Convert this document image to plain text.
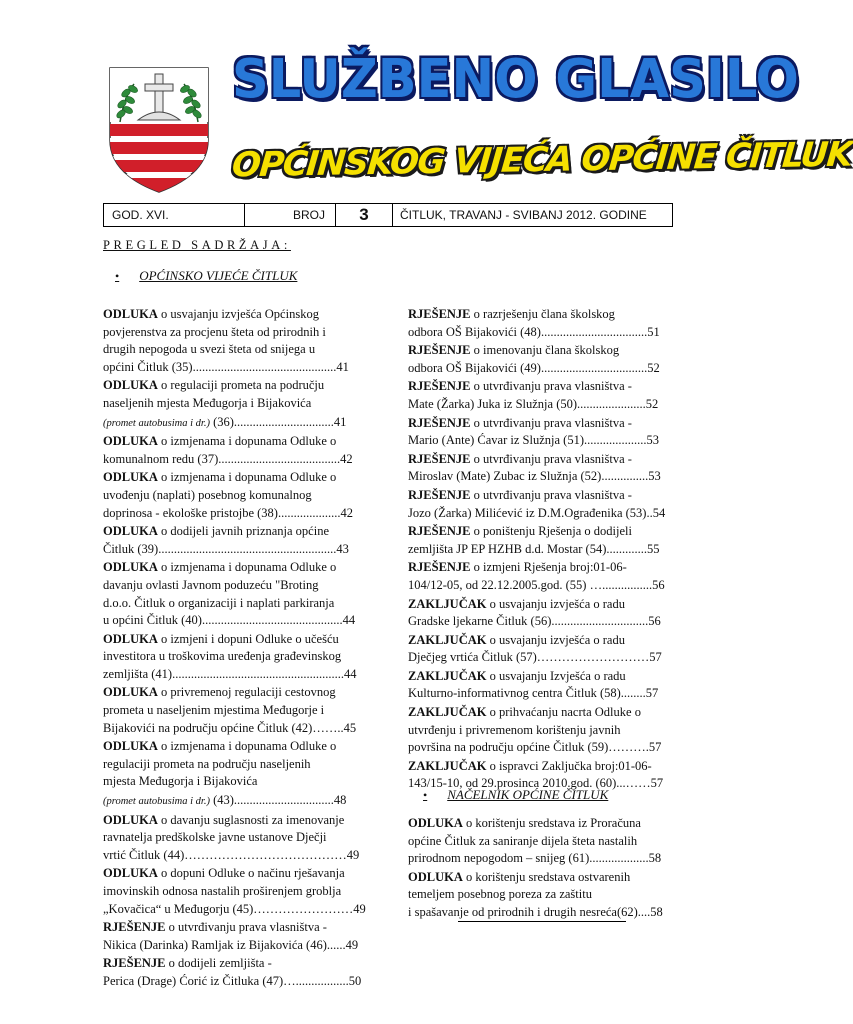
SLUŽBENO GLASILO
OPĆINSKOG VIJEĆA OPĆINE ČITLUK
GOD. XVI.	BROJ	3	ČITLUK, TRAVANJ - SVIBANJ 2012. GODINE
PREGLED SADRŽAJA:
• OPĆINSKO VIJEĆE ČITLUK

ODLUKA o usvajanju izvješća Općinskog
povjerenstva za procjenu šteta od prirodnih i
drugih nepogoda u svezi šteta od snijega u
općini Čitluk (35)..............................................41

ODLUKA o regulaciji prometa na području
naseljenih mjesta Međugorja i Bijakovića

(promet autobusima i dr.) (36)................................41

ODLUKA o izmjenama i dopunama Odluke o
komunalnom redu (37).......................................42

ODLUKA o izmjenama i dopunama Odluke o
uvođenju (naplati) posebnog komunalnog
doprinosa - ekološke pristojbe (38)....................42

ODLUKA o dodijeli javnih priznanja općine
Čitluk (39).........................................................43

ODLUKA o izmjenama i dopunama Odluke o
davanju ovlasti Javnom poduzeću "Broting
d.o.o. Čitluk o organizaciji i naplati parkiranja
u općini Čitluk (40).............................................44

ODLUKA o izmjeni i dopuni Odluke o učešću
investitora u troškovima uređenja građevinskog
zemljišta (41).......................................................44

ODLUKA o privremenoj regulaciji cestovnog
prometa u naseljenim mjestima Međugorje i
Bijakovići na području općine Čitluk (42)……..45

ODLUKA o izmjenama i dopunama Odluke o
regulaciji prometa na području naseljenih
mjesta Međugorja i Bijakovića

(promet autobusima i dr.) (43)................................48

ODLUKA o davanju suglasnosti za imenovanje
ravnatelja predškolske javne ustanove Dječji
vrtić Čitluk (44)…………………………………49

ODLUKA o dopuni Odluke o načinu rješavanja
imovinskih odnosa nastalih proširenjem groblja
„Kovačica“ u Međugorju (45)……………………49

RJEŠENJE o utvrđivanju prava vlasništva -
Nikica (Darinka) Ramljak iz Bijakovića (46)......49

RJEŠENJE o dodijeli zemljišta -
Perica (Drage) Ćorić iz Čitluka (47)….................50

RJEŠENJE o razrješenju člana školskog
odbora OŠ Bijakovići (48)..................................51

RJEŠENJE o imenovanju člana školskog
odbora OŠ Bijakovići (49)..................................52

RJEŠENJE o utvrđivanju prava vlasništva -
Mate (Žarka) Juka iz Služnja (50)......................52

RJEŠENJE o utvrđivanju prava vlasništva -
Mario (Ante) Ćavar iz Služnja (51)....................53

RJEŠENJE o utvrđivanju prava vlasništva -
Miroslav (Mate) Zubac iz Služnja (52)...............53

RJEŠENJE o utvrđivanju prava vlasništva -
Jozo (Žarka) Milićević iz D.M.Ograđenika (53)..54

RJEŠENJE o poništenju Rješenja o dodijeli
zemljišta JP EP HZHB d.d. Mostar (54).............55

RJEŠENJE o izmjeni Rješenja broj:01-06-
104/12-05, od 22.12.2005.god. (55) …................56

ZAKLJUČAK o usvajanju izvješća o radu
Gradske ljekarne Čitluk (56)...............................56

ZAKLJUČAK o usvajanju izvješća o radu
Dječjeg vrtića Čitluk (57)………………………57

ZAKLJUČAK o usvajanju Izvješća o radu
Kulturno-informativnog centra Čitluk (58)........57

ZAKLJUČAK o prihvaćanju nacrta Odluke o
utvrđenju i privremenom korištenju javnih
površina na području općine Čitluk (59)……….57

ZAKLJUČAK o ispravci Zaključka broj:01-06-
143/15-10, od 29.prosinca 2010.god. (60)...……57

• NAČELNIK OPĆINE ČITLUK

ODLUKA o korištenju sredstava iz Proračuna
općine Čitluk za saniranje dijela šteta nastalih
prirodnom nepogodom – snijeg (61)...................58

ODLUKA o korištenju sredstava ostvarenih
temeljem posebnog poreza za zaštitu
i spašavanje od prirodnih i drugih nesreća(62)....58
